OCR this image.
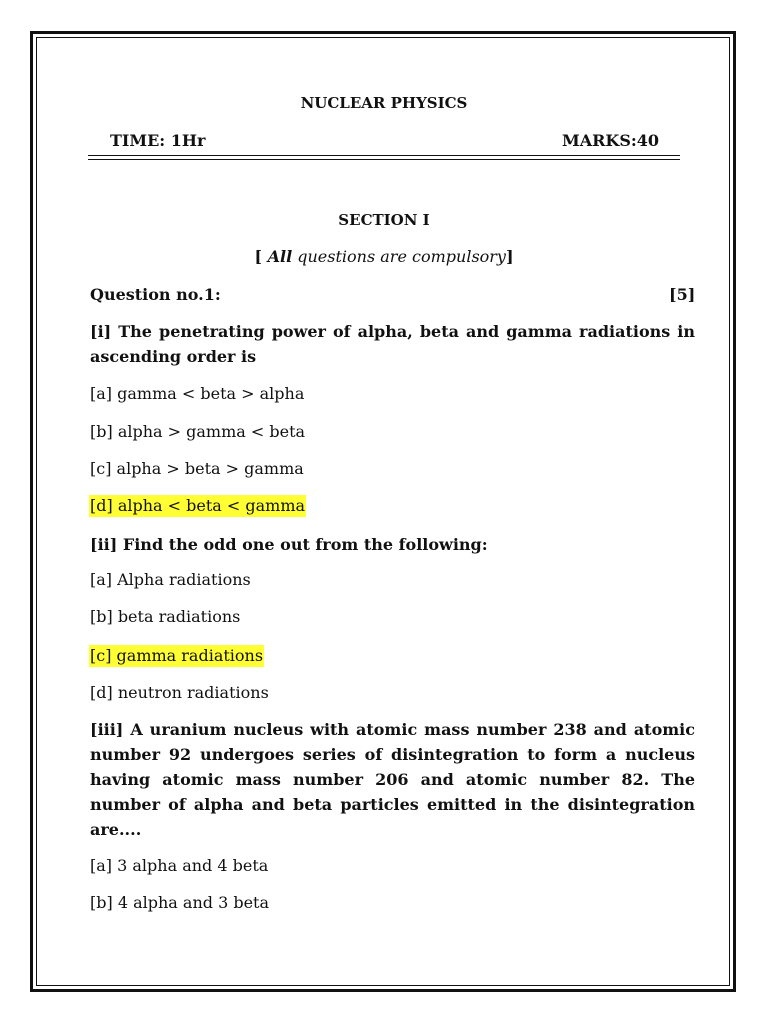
NUCLEAR PHYSICS
TIME: 1Hr	MARKS:40
SECTION I
[ All questions are compulsory]
Question no.1:	[5]
[i] The penetrating power of alpha, beta and gamma radiations in ascending order is
[a] gamma < beta > alpha
[b] alpha > gamma < beta
[c] alpha > beta > gamma
[d] alpha < beta < gamma
[ii] Find the odd one out from the following:
[a] Alpha radiations
[b] beta radiations
[c] gamma radiations
[d] neutron radiations
[iii] A uranium nucleus with atomic mass number 238 and atomic number 92 undergoes series of disintegration to form a nucleus having atomic mass number 206 and atomic number 82. The number of alpha and beta particles emitted in the disintegration are....
[a] 3 alpha and 4 beta
[b] 4 alpha and 3 beta
